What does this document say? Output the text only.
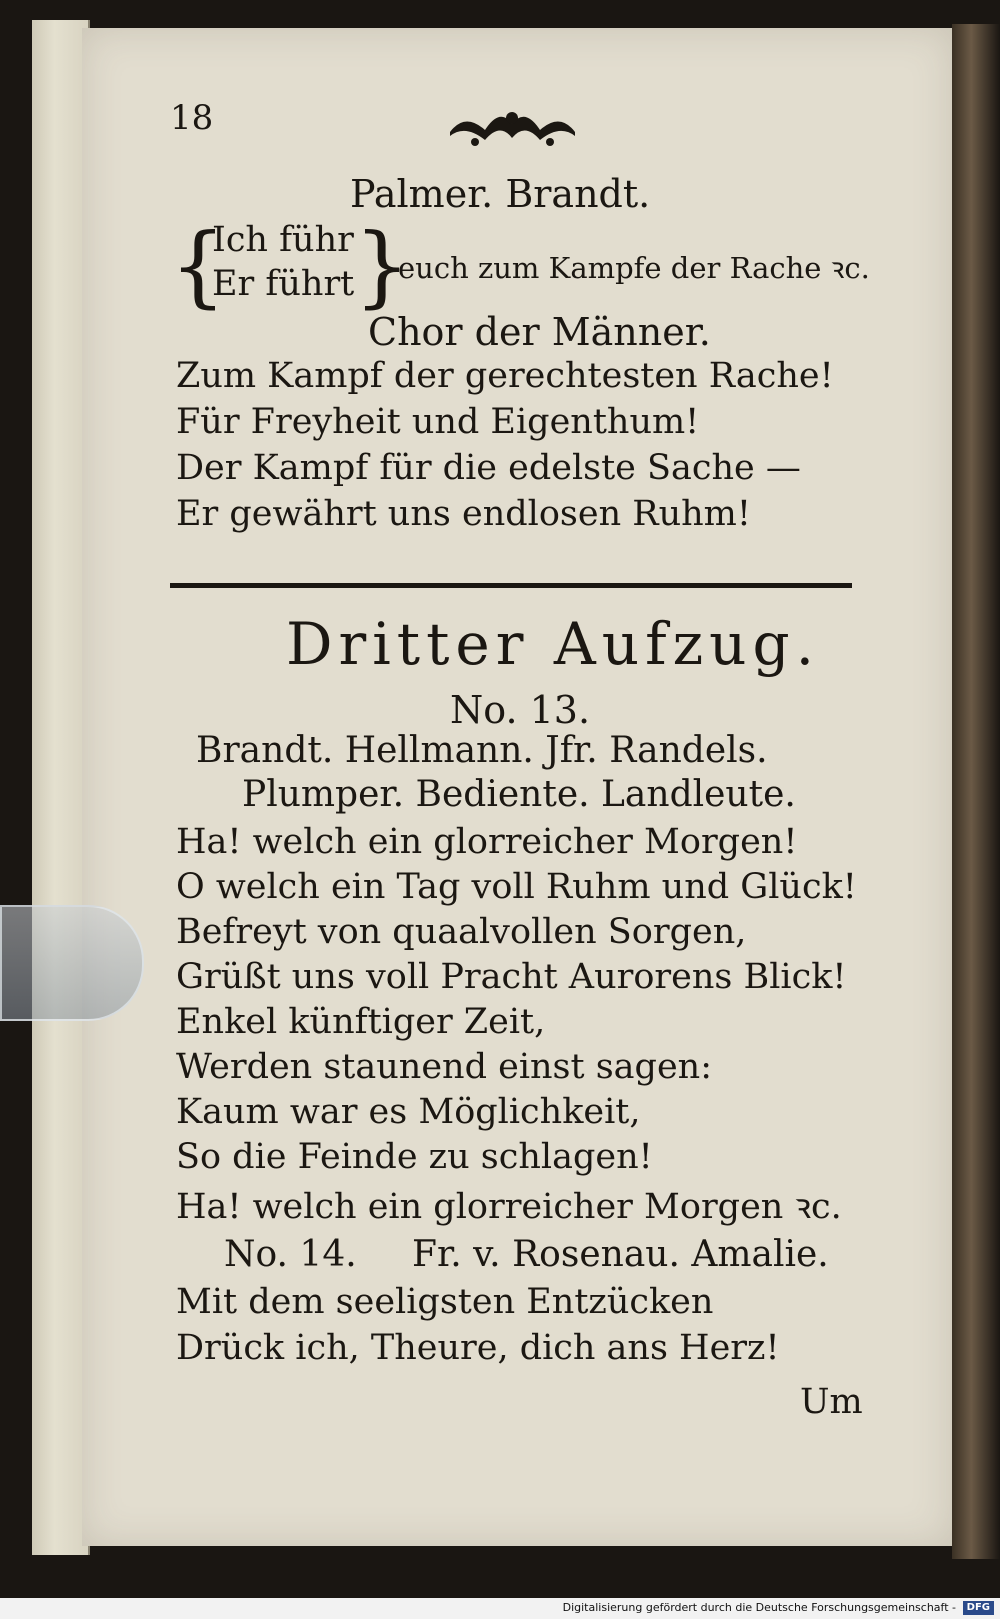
18
Palmer. Brandt.
{
Ich führ
Er führt }
euch zum Kampfe der Rache ꝛc.
Chor der Männer.
Zum Kampf der gerechtesten Rache!
Für Freyheit und Eigenthum!
Der Kampf für die edelste Sache —
Er gewährt uns endlosen Ruhm!
Dritter Aufzug.
No. 13.
Brandt. Hellmann. Jfr. Randels.
Plumper. Bediente. Landleute.
Ha! welch ein glorreicher Morgen!
O welch ein Tag voll Ruhm und Glück!
Befreyt von quaalvollen Sorgen,
Grüßt uns voll Pracht Aurorens Blick!
Enkel künftiger Zeit,
Werden staunend einst sagen:
Kaum war es Möglichkeit,
So die Feinde zu schlagen!
Ha! welch ein glorreicher Morgen ꝛc.
No. 14. Fr. v. Rosenau. Amalie.
Mit dem seeligsten Entzücken
Drück ich, Theure, dich ans Herz!
Um
Digitalisierung gefördert durch die Deutsche Forschungsgemeinschaft -	DFG
